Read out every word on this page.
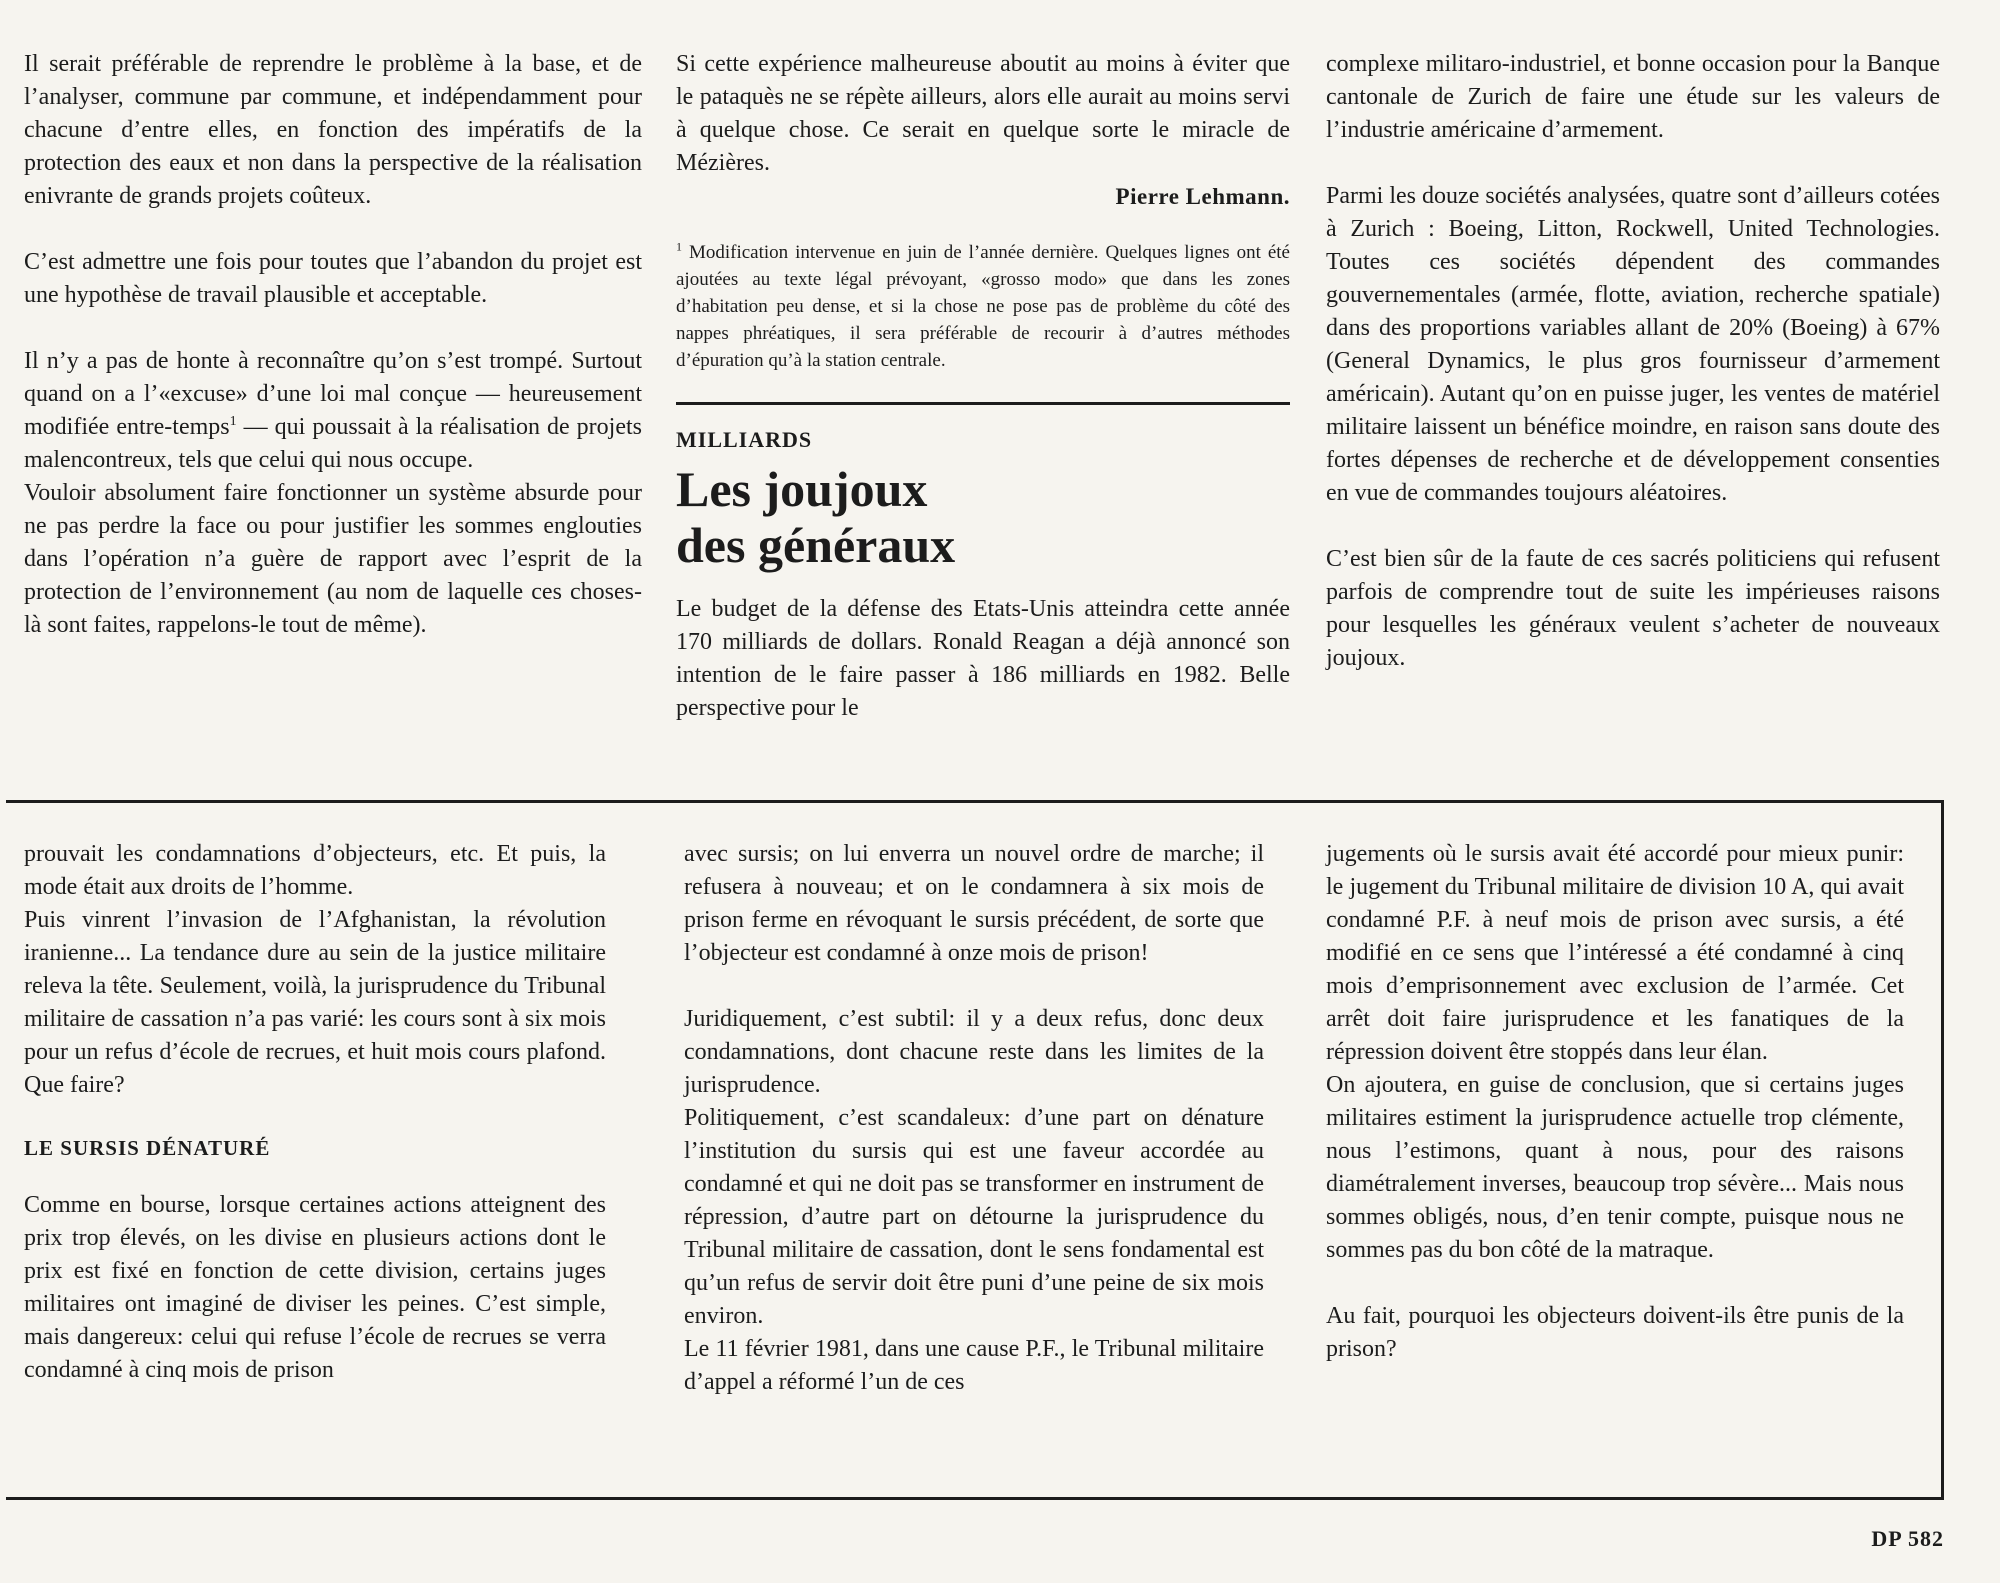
Il serait préférable de reprendre le problème à la base, et de l’analyser, commune par commune, et indépendamment pour chacune d’entre elles, en fonction des impératifs de la protection des eaux et non dans la perspective de la réalisation enivrante de grands projets coûteux.

C’est admettre une fois pour toutes que l’abandon du projet est une hypothèse de travail plausible et acceptable.

Il n’y a pas de honte à reconnaître qu’on s’est trompé. Surtout quand on a l’«excuse» d’une loi mal conçue — heureusement modifiée entre-temps$^1$ — qui poussait à la réalisation de projets malencontreux, tels que celui qui nous occupe.

Vouloir absolument faire fonctionner un système absurde pour ne pas perdre la face ou pour justifier les sommes englouties dans l’opération n’a guère de rapport avec l’esprit de la protection de l’environnement (au nom de laquelle ces choses-là sont faites, rappelons-le tout de même).

Si cette expérience malheureuse aboutit au moins à éviter que le pataquès ne se répète ailleurs, alors elle aurait au moins servi à quelque chose. Ce serait en quelque sorte le miracle de Mézières.

Pierre Lehmann.

$^1$ Modification intervenue en juin de l’année dernière. Quelques lignes ont été ajoutées au texte légal prévoyant, «grosso modo» que dans les zones d’habitation peu dense, et si la chose ne pose pas de problème du côté des nappes phréatiques, il sera préférable de recourir à d’autres méthodes d’épuration qu’à la station centrale.

MILLIARDS
Les joujoux
des généraux

Le budget de la défense des Etats-Unis atteindra cette année 170 milliards de dollars. Ronald Reagan a déjà annoncé son intention de le faire passer à 186 milliards en 1982. Belle perspective pour le

complexe militaro-industriel, et bonne occasion pour la Banque cantonale de Zurich de faire une étude sur les valeurs de l’industrie américaine d’armement.

Parmi les douze sociétés analysées, quatre sont d’ailleurs cotées à Zurich : Boeing, Litton, Rockwell, United Technologies. Toutes ces sociétés dépendent des commandes gouvernementales (armée, flotte, aviation, recherche spatiale) dans des proportions variables allant de 20% (Boeing) à 67% (General Dynamics, le plus gros fournisseur d’armement américain). Autant qu’on en puisse juger, les ventes de matériel militaire laissent un bénéfice moindre, en raison sans doute des fortes dépenses de recherche et de développement consenties en vue de commandes toujours aléatoires.

C’est bien sûr de la faute de ces sacrés politiciens qui refusent parfois de comprendre tout de suite les impérieuses raisons pour lesquelles les généraux veulent s’acheter de nouveaux joujoux.

prouvait les condamnations d’objecteurs, etc. Et puis, la mode était aux droits de l’homme.

Puis vinrent l’invasion de l’Afghanistan, la révolution iranienne... La tendance dure au sein de la justice militaire releva la tête. Seulement, voilà, la jurisprudence du Tribunal militaire de cassation n’a pas varié: les cours sont à six mois pour un refus d’école de recrues, et huit mois cours plafond. Que faire?

LE SURSIS DÉNATURÉ

Comme en bourse, lorsque certaines actions atteignent des prix trop élevés, on les divise en plusieurs actions dont le prix est fixé en fonction de cette division, certains juges militaires ont imaginé de diviser les peines. C’est simple, mais dangereux: celui qui refuse l’école de recrues se verra condamné à cinq mois de prison

avec sursis; on lui enverra un nouvel ordre de marche; il refusera à nouveau; et on le condamnera à six mois de prison ferme en révoquant le sursis précédent, de sorte que l’objecteur est condamné à onze mois de prison!

Juridiquement, c’est subtil: il y a deux refus, donc deux condamnations, dont chacune reste dans les limites de la jurisprudence.

Politiquement, c’est scandaleux: d’une part on dénature l’institution du sursis qui est une faveur accordée au condamné et qui ne doit pas se transformer en instrument de répression, d’autre part on détourne la jurisprudence du Tribunal militaire de cassation, dont le sens fondamental est qu’un refus de servir doit être puni d’une peine de six mois environ.

Le 11 février 1981, dans une cause P.F., le Tribunal militaire d’appel a réformé l’un de ces

jugements où le sursis avait été accordé pour mieux punir: le jugement du Tribunal militaire de division 10 A, qui avait condamné P.F. à neuf mois de prison avec sursis, a été modifié en ce sens que l’intéressé a été condamné à cinq mois d’emprisonnement avec exclusion de l’armée. Cet arrêt doit faire jurisprudence et les fanatiques de la répression doivent être stoppés dans leur élan.

On ajoutera, en guise de conclusion, que si certains juges militaires estiment la jurisprudence actuelle trop clémente, nous l’estimons, quant à nous, pour des raisons diamétralement inverses, beaucoup trop sévère... Mais nous sommes obligés, nous, d’en tenir compte, puisque nous ne sommes pas du bon côté de la matraque.

Au fait, pourquoi les objecteurs doivent-ils être punis de la prison?

DP 582
